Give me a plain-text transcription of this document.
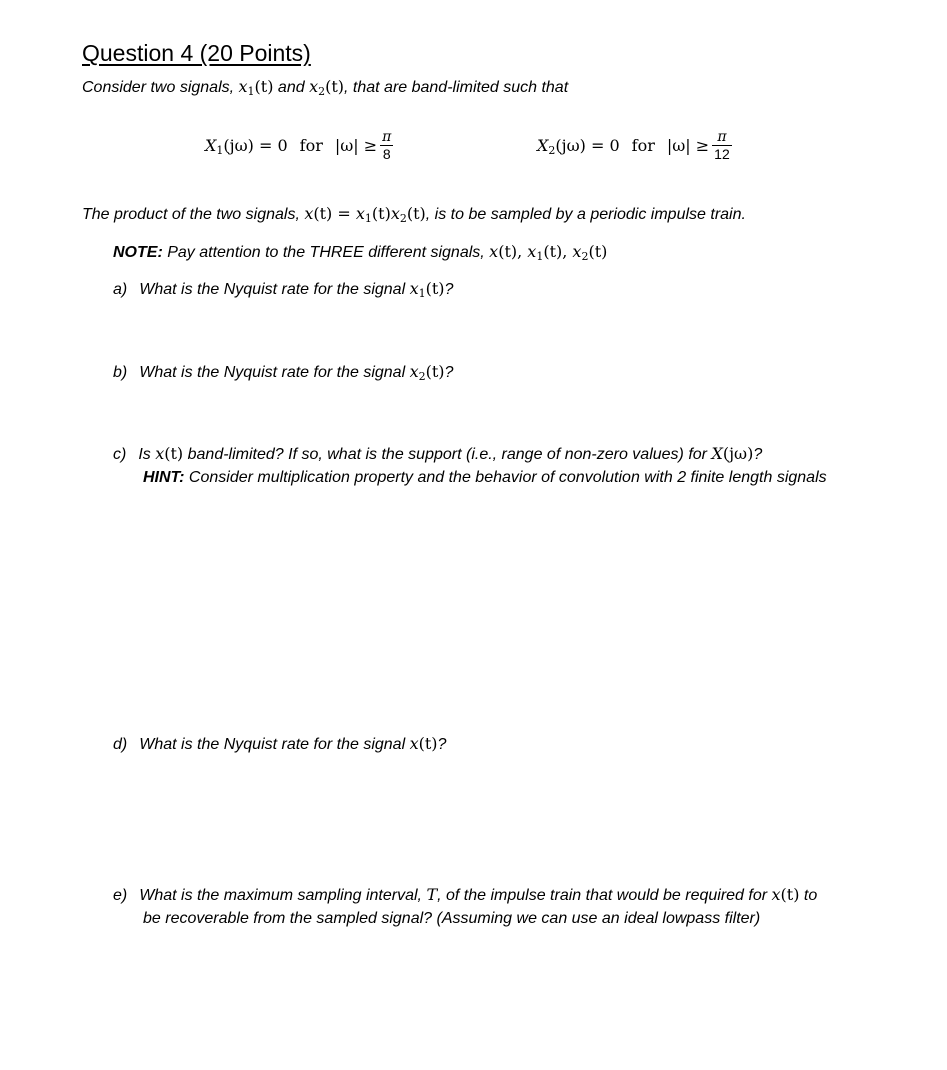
Question 4 (20 Points)
Consider two signals, $x_1(t)$ and $x_2(t)$, that are band-limited such that
$X_1$ (jω) = 0 for $|\omega| \ge \frac{\pi}{8}$	$X_2$ (jω) = 0 for $|\omega| \ge \frac{\pi}{12}$
The product of the two signals, $x(t) = x_1(t)x_2(t)$, is to be sampled by a periodic impulse train.
NOTE: Pay attention to the THREE different signals, x(t), $x_1(t)$, $x_2(t)$
a) What is the Nyquist rate for the signal $x_1(t)$?
b) What is the Nyquist rate for the signal $x_2(t)$?
c) Is x(t) band-limited? If so, what is the support (i.e., range of non-zero values) for X(jω)?
HINT: Consider multiplication property and the behavior of convolution with 2 finite length signals
d) What is the Nyquist rate for the signal x(t)?
e) What is the maximum sampling interval, T, of the impulse train that would be required for x(t) to
be recoverable from the sampled signal? (Assuming we can use an ideal lowpass filter)
